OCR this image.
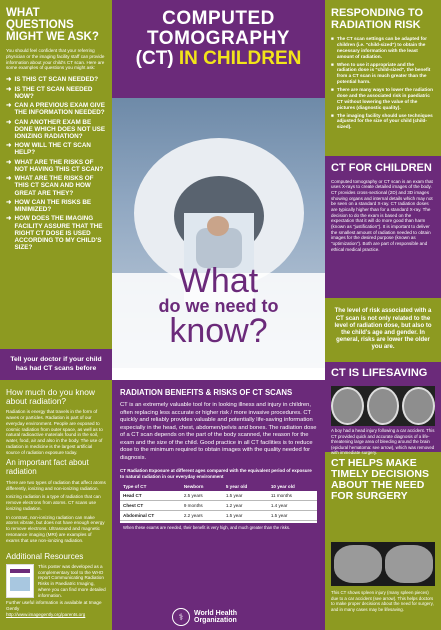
WHAT QUESTIONS MIGHT WE ASK?
You should feel confident that your referring physician or the imaging facility staff can provide information about your child's CT scan. Here are some examples of questions you might ask:
➜ IS THIS CT SCAN NEEDED?
➜ IS THE CT SCAN NEEDED NOW?
➜ CAN A PREVIOUS EXAM GIVE THE INFORMATION NEEDED?
➜ CAN ANOTHER EXAM BE DONE WHICH DOES NOT USE IONIZING RADIATION?
➜ HOW WILL THE CT SCAN HELP?
➜ WHAT ARE THE RISKS OF NOT HAVING THIS CT SCAN?
➜ WHAT ARE THE RISKS OF THIS CT SCAN AND HOW GREAT ARE THEY?
➜ HOW CAN THE RISKS BE MINIMIZED?
➜ HOW DOES THE IMAGING FACILITY ASSURE THAT THE RIGHT CT DOSE IS USED ACCORDING TO MY CHILD'S SIZE?
Tell your doctor if your child has had CT scans before
How much do you know about radiation?
Radiation is energy that travels in the form of waves or particles. Radiation is part of our everyday environment. People are exposed to cosmic radiation from outer space, as well as to natural radioactive materials found in the soil, water, food, air and also in the body. The use of radiation in medicine is the largest artificial source of radiation exposure today.
An important fact about radiation
There are two types of radiation that affect atoms differently, ionizing and non-ionizing radiation.
Ionizing radiation is a type of radiation that can remove electrons from atoms. CT scans use ionizing radiation.
In contrast, non-ionizing radiation can make atoms vibrate, but does not have enough energy to remove electrons. Ultrasound and magnetic resonance imaging (MRI) are examples of exams that use non-ionizing radiation.
Additional Resources
This poster was developed as a complementary tool to the WHO report Communicating Radiation Risks in Paediatric Imaging, where you can find more detailed information.
Further useful information is available at Image Gently
http://www.imagegently.org/parents.org
COMPUTED
TOMOGRAPHY
(CT) IN CHILDREN
What
do we need to
know?
RADIATION BENEFITS & RISKS OF CT SCANS
CT is an extremely valuable tool for in looking illness and injury in children, often replacing less accurate or higher risk / more invasive procedures. CT quickly and reliably provides valuable and potentially life-saving information especially in the head, chest, abdomen/pelvis and bones. The radiation dose of a CT scan depends on the part of the body scanned, the reason for the exam and the size of the child. Good practice in all CT facilities is to reduce dose to the minimum required to obtain images with the quality needed for diagnosis.
CT Radiation Exposure at different ages compared with the equivalent period of exposure to natural radiation in our everyday environment
Type of CT	Newborn	5 year old	10 year old
Head CT	2.5 years	1.5 year	11 months
Chest CT	9 months	1.2 year	1.4 year
Abdominal CT	2.2 years	1.5 year	1.5 year
When these exams are needed, their benefit is very high, and much greater than the risks.
⚕	World Health
Organization
RESPONDING TO RADIATION RISK
■ The CT scan settings can be adapted for children (i.e. "child-sized") to obtain the necessary information with the least amount of radiation.
■ When to use it appropriate and the radiation dose is "child-sized", the benefit from a CT scan is much greater than the potential harm.
■ There are many ways to lower the radiation dose and the associated risk in paediatric CT without lowering the value of the pictures (diagnostic quality).
■ The imaging facility should use techniques adjusted for the size of your child (child-sized).
CT FOR CHILDREN
Computed tomography or CT scan is an exam that uses X-rays to create detailed images of the body. CT provides cross-sectional (2D) and 3D images showing organs and internal details which may not be seen on a standard X-ray. CT radiation doses are typically higher than for a standard X-ray. The decision to do the exam is based on the expectation that it will do more good than harm (known as "justification"). It is important to deliver the smallest amount of radiation needed to obtain images for the desired purpose (known as "optimization"). Both are part of responsible and ethical medical practice.
The level of risk associated with a CT scan is not only related to the level of radiation dose, but also to the child's age and gender. In general, risks are lower the older you are.
CT IS LIFESAVING
A boy had a head injury following a car accident. This CT provided quick and accurate diagnosis of a life-threatening large area of bleeding around the brain (epidural hematoma: see arrow), which was removed with immediate surgery.
CT HELPS MAKE TIMELY DECISIONS ABOUT THE NEED FOR SURGERY
This CT shows spleen injury (many spleen pieces) due to a car accident (see arrow). This helps doctors to make proper decisions about the need for surgery, and in many cases may be lifesaving.
